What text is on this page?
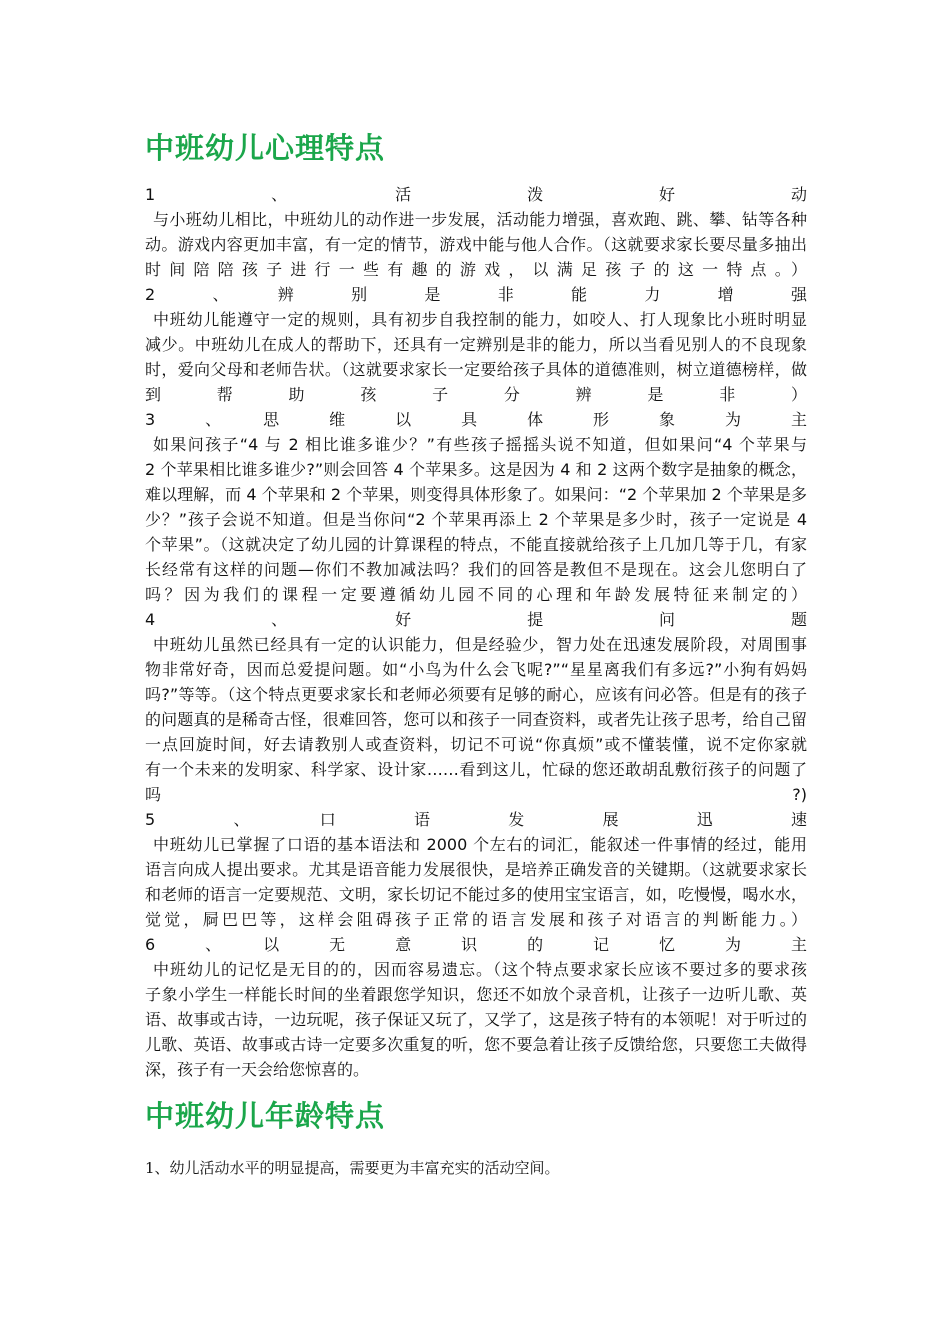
中班幼儿心理特点
1　　　　、　　　　活　　　　泼　　　　好　　　　动
与小班幼儿相比，中班幼儿的动作进一步发展，活动能力增强，喜欢跑、跳、攀、钻等各种
动。游戏内容更加丰富，有一定的情节，游戏中能与他人合作。（这就要求家长要尽量多抽出
时间陪陪孩子进行一些有趣的游戏，以满足孩子的这一特点。）
2　　　、　　　辨　　　别　　　是　　　非　　　能　　　力　　　增　　　强
中班幼儿能遵守一定的规则，具有初步自我控制的能力，如咬人、打人现象比小班时明显
减少。中班幼儿在成人的帮助下，还具有一定辨别是非的能力，所以当看见别人的不良现象
时，爱向父母和老师告状。（这就要求家长一定要给孩子具体的道德准则，树立道德榜样，做
到　　帮　　助　　孩　　子　　分　　辨　　是　　非　　）
3　　、　　思　　维　　以　　具　　体　　形　　象　　为　　主
如果问孩子“4 与 2 相比谁多谁少？”有些孩子摇摇头说不知道，但如果问“4 个苹果与
2 个苹果相比谁多谁少?”则会回答 4 个苹果多。这是因为 4 和 2 这两个数字是抽象的概念，
难以理解，而 4 个苹果和 2 个苹果，则变得具体形象了。如果问：“2 个苹果加 2 个苹果是多
少？”孩子会说不知道。但是当你问“2 个苹果再添上 2 个苹果是多少时，孩子一定说是 4
个苹果”。（这就决定了幼儿园的计算课程的特点，不能直接就给孩子上几加几等于几，有家
长经常有这样的问题—你们不教加减法吗？我们的回答是教但不是现在。这会儿您明白了
吗？因为我们的课程一定要遵循幼儿园不同的心理和年龄发展特征来制定的）
4　　　　　、　　　　　好　　　　　提　　　　　问　　　　　题
中班幼儿虽然已经具有一定的认识能力，但是经验少，智力处在迅速发展阶段，对周围事
物非常好奇，因而总爱提问题。如“小鸟为什么会飞呢?”“星星离我们有多远?”小狗有妈妈
吗?”等等。（这个特点更要求家长和老师必须要有足够的耐心，应该有问必答。但是有的孩子
的问题真的是稀奇古怪，很难回答，您可以和孩子一同查资料，或者先让孩子思考，给自己留
一点回旋时间，好去请教别人或查资料，切记不可说“你真烦”或不懂装懂，说不定你家就
有一个未来的发明家、科学家、设计家……看到这儿，忙碌的您还敢胡乱敷衍孩子的问题了
吗　　　　　　　　　　　　　　　　　　　　　　　　　　　　　　　?)
5　　　、　　　口　　　语　　　发　　　展　　　迅　　　速
中班幼儿已掌握了口语的基本语法和 2000 个左右的词汇，能叙述一件事情的经过，能用
语言向成人提出要求。尤其是语音能力发展很快，是培养正确发音的关键期。（这就要求家长
和老师的语言一定要规范、文明，家长切记不能过多的使用宝宝语言，如，吃慢慢，喝水水，
觉觉，屙巴巴等，这样会阻碍孩子正常的语言发展和孩子对语言的判断能力。）
6　　、　　以　　无　　意　　识　　的　　记　　忆　　为　　主
中班幼儿的记忆是无目的的，因而容易遗忘。（这个特点要求家长应该不要过多的要求孩
子象小学生一样能长时间的坐着跟您学知识，您还不如放个录音机，让孩子一边听儿歌、英
语、故事或古诗，一边玩呢，孩子保证又玩了，又学了，这是孩子特有的本领呢！对于听过的
儿歌、英语、故事或古诗一定要多次重复的听，您不要急着让孩子反馈给您，只要您工夫做得
深，孩子有一天会给您惊喜的。
中班幼儿年龄特点
1、幼儿活动水平的明显提高，需要更为丰富充实的活动空间。
